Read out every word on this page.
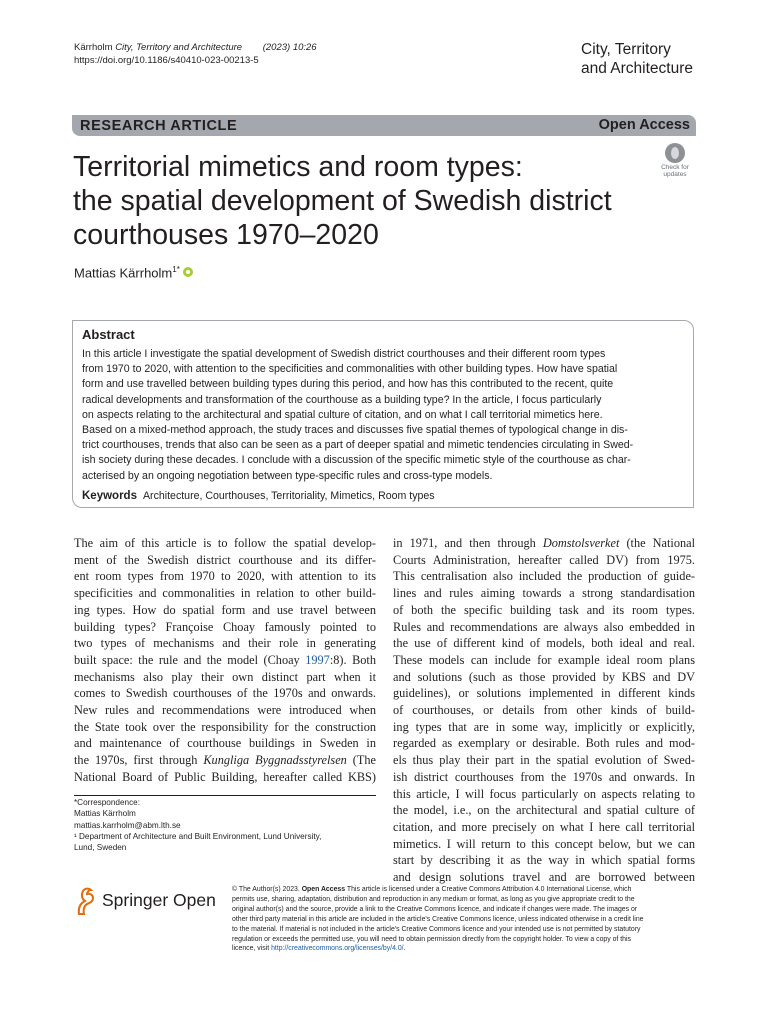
Kärrholm City, Territory and Architecture (2023) 10:26
https://doi.org/10.1186/s40410-023-00213-5
City, Territory
and Architecture
RESEARCH ARTICLE	Open Access
Territorial mimetics and room types:
the spatial development of Swedish district
courthouses 1970–2020
Check for
updates
Mattias Kärrholm$^{1*}$
Abstract
In this article I investigate the spatial development of Swedish district courthouses and their different room types
from 1970 to 2020, with attention to the specificities and commonalities with other building types. How have spatial
form and use travelled between building types during this period, and how has this contributed to the recent, quite
radical developments and transformation of the courthouse as a building type? In the article, I focus particularly
on aspects relating to the architectural and spatial culture of citation, and on what I call territorial mimetics here.
Based on a mixed-method approach, the study traces and discusses five spatial themes of typological change in dis-
trict courthouses, trends that also can be seen as a part of deeper spatial and mimetic tendencies circulating in Swed-
ish society during these decades. I conclude with a discussion of the specific mimetic style of the courthouse as char-
acterised by an ongoing negotiation between type-specific rules and cross-type models.
Keywords Architecture, Courthouses, Territoriality, Mimetics, Room types
The aim of this article is to follow the spatial develop-
ment of the Swedish district courthouse and its differ-
ent room types from 1970 to 2020, with attention to its
specificities and commonalities in relation to other build-
ing types. How do spatial form and use travel between
building types? Françoise Choay famously pointed to
two types of mechanisms and their role in generating
built space: the rule and the model (Choay 1997:8). Both
mechanisms also play their own distinct part when it
comes to Swedish courthouses of the 1970s and onwards.
New rules and recommendations were introduced when
the State took over the responsibility for the construction
and maintenance of courthouse buildings in Sweden in
the 1970s, first through Kungliga Byggnadsstyrelsen (The
National Board of Public Building, hereafter called KBS)
in 1971, and then through Domstolsverket (the National
Courts Administration, hereafter called DV) from 1975.
This centralisation also included the production of guide-
lines and rules aiming towards a strong standardisation
of both the specific building task and its room types.
Rules and recommendations are always also embedded in
the use of different kind of models, both ideal and real.
These models can include for example ideal room plans
and solutions (such as those provided by KBS and DV
guidelines), or solutions implemented in different kinds
of courthouses, or details from other kinds of build-
ing types that are in some way, implicitly or explicitly,
regarded as exemplary or desirable. Both rules and mod-
els thus play their part in the spatial evolution of Swed-
ish district courthouses from the 1970s and onwards. In
this article, I will focus particularly on aspects relating to
the model, i.e., on the architectural and spatial culture of
citation, and more precisely on what I here call territorial
mimetics. I will return to this concept below, but we can
start by describing it as the way in which spatial forms
and design solutions travel and are borrowed between
*Correspondence:
Mattias Kärrholm
mattias.karrholm@abm.lth.se
¹ Department of Architecture and Built Environment, Lund University,
Lund, Sweden
Springer Open
© The Author(s) 2023. Open Access This article is licensed under a Creative Commons Attribution 4.0 International License, which
permits use, sharing, adaptation, distribution and reproduction in any medium or format, as long as you give appropriate credit to the
original author(s) and the source, provide a link to the Creative Commons licence, and indicate if changes were made. The images or
other third party material in this article are included in the article's Creative Commons licence, unless indicated otherwise in a credit line
to the material. If material is not included in the article's Creative Commons licence and your intended use is not permitted by statutory
regulation or exceeds the permitted use, you will need to obtain permission directly from the copyright holder. To view a copy of this
licence, visit http://creativecommons.org/licenses/by/4.0/.
